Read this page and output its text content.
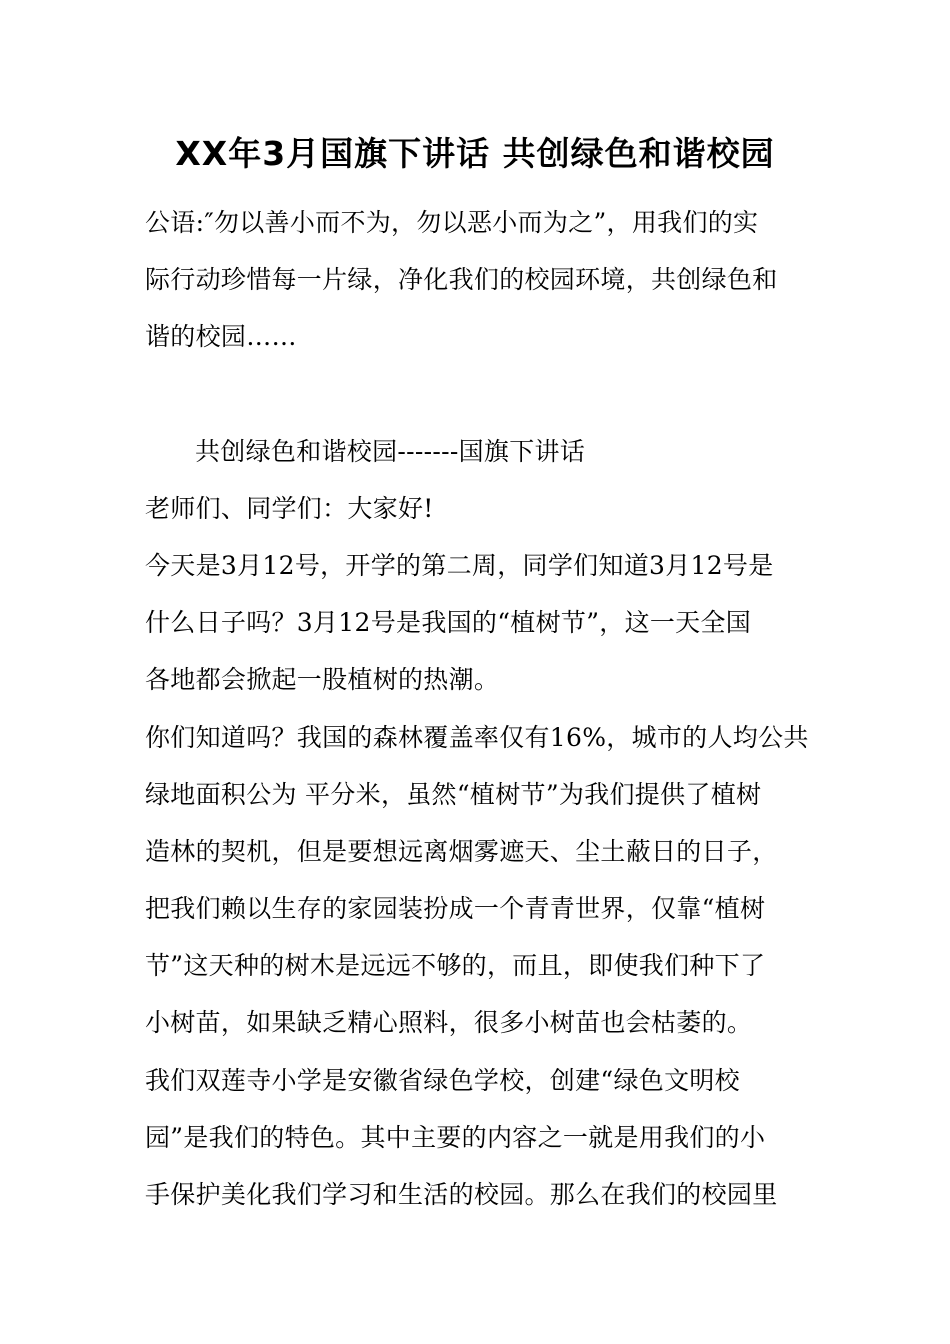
XX年3月国旗下讲话 共创绿色和谐校园
公语:″勿以善小而不为，勿以恶小而为之”，用我们的实
际行动珍惜每一片绿，净化我们的校园环境，共创绿色和
谐的校园……
共创绿色和谐校园-------国旗下讲话
老师们、同学们：大家好!
今天是3月12号，开学的第二周，同学们知道3月12号是
什么日子吗？3月12号是我国的“植树节”，这一天全国
各地都会掀起一股植树的热潮。
你们知道吗？我国的森林覆盖率仅有16%，城市的人均公共
绿地面积公为 平分米，虽然“植树节”为我们提供了植树
造林的契机，但是要想远离烟雾遮天、尘土蔽日的日子，
把我们赖以生存的家园装扮成一个青青世界，仅靠“植树
节”这天种的树木是远远不够的，而且，即使我们种下了
小树苗，如果缺乏精心照料，很多小树苗也会枯萎的。
我们双莲寺小学是安徽省绿色学校，创建“绿色文明校
园”是我们的特色。其中主要的内容之一就是用我们的小
手保护美化我们学习和生活的校园。那么在我们的校园里
